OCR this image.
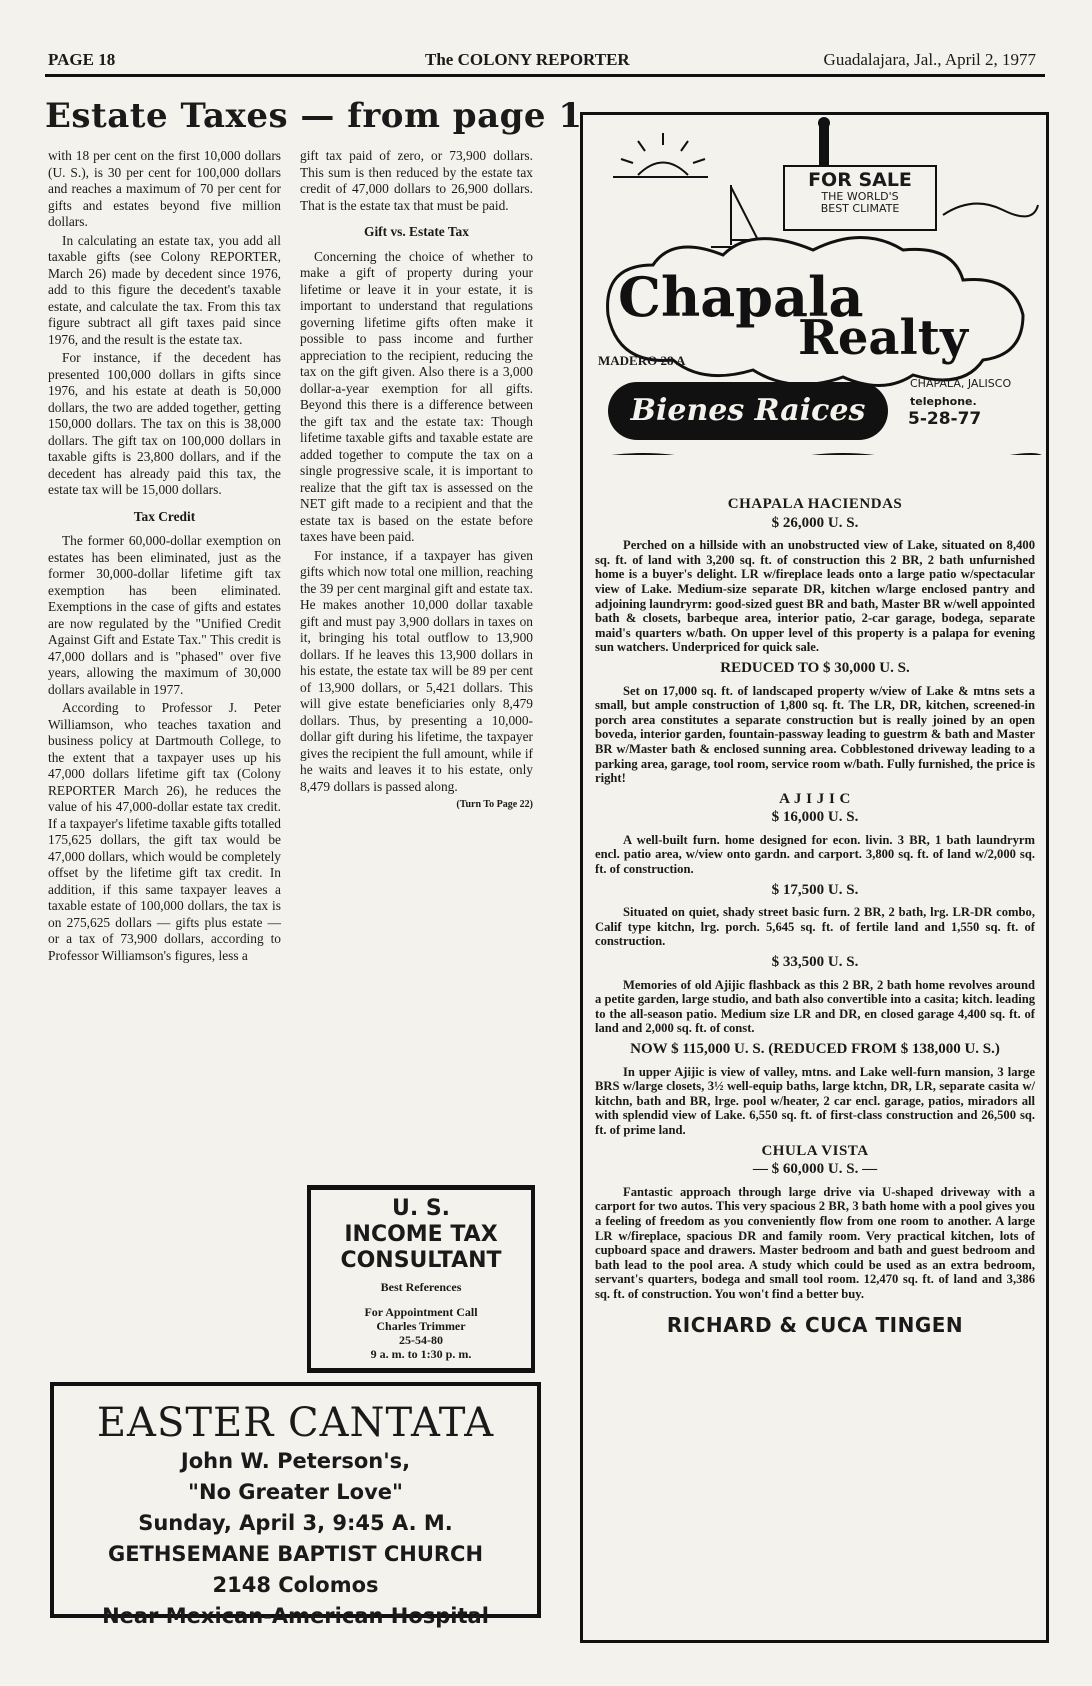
PAGE 18	The COLONY REPORTER	Guadalajara, Jal., April 2, 1977
Estate Taxes — from page 1

with 18 per cent on the first 10,000 dollars (U. S.), is 30 per cent for 100,000 dollars and reaches a maximum of 70 per cent for gifts and estates beyond five million dollars.

In calculating an estate tax, you add all taxable gifts (see Colony REPORTER, March 26) made by decedent since 1976, add to this figure the decedent's taxable estate, and calculate the tax. From this tax figure subtract all gift taxes paid since 1976, and the result is the estate tax.

For instance, if the decedent has presented 100,000 dollars in gifts since 1976, and his estate at death is 50,000 dollars, the two are added together, getting 150,000 dollars. The tax on this is 38,000 dollars. The gift tax on 100,000 dollars in taxable gifts is 23,800 dollars, and if the decedent has already paid this tax, the estate tax will be 15,000 dollars.

Tax Credit

The former 60,000-dollar exemption on estates has been eliminated, just as the former 30,000-dollar lifetime gift tax exemption has been eliminated. Exemptions in the case of gifts and estates are now regulated by the "Unified Credit Against Gift and Estate Tax." This credit is 47,000 dollars and is "phased" over five years, allowing the maximum of 30,000 dollars available in 1977.

According to Professor J. Peter Williamson, who teaches taxation and business policy at Dartmouth College, to the extent that a taxpayer uses up his 47,000 dollars lifetime gift tax (Colony REPORTER March 26), he reduces the value of his 47,000-dollar estate tax credit. If a taxpayer's lifetime taxable gifts totalled 175,625 dollars, the gift tax would be 47,000 dollars, which would be completely offset by the lifetime gift tax credit. In addition, if this same taxpayer leaves a taxable estate of 100,000 dollars, the tax is on 275,625 dollars — gifts plus estate — or a tax of 73,900 dollars, according to Professor Williamson's figures, less a

gift tax paid of zero, or 73,900 dollars. This sum is then reduced by the estate tax credit of 47,000 dollars to 26,900 dollars. That is the estate tax that must be paid.

Gift vs. Estate Tax

Concerning the choice of whether to make a gift of property during your lifetime or leave it in your estate, it is important to understand that regulations governing lifetime gifts often make it possible to pass income and further appreciation to the recipient, reducing the tax on the gift given. Also there is a 3,000 dollar-a-year exemption for all gifts. Beyond this there is a difference between the gift tax and the estate tax: Though lifetime taxable gifts and taxable estate are added together to compute the tax on a single progressive scale, it is important to realize that the gift tax is assessed on the NET gift made to a recipient and that the estate tax is based on the estate before taxes have been paid.

For instance, if a taxpayer has given gifts which now total one million, reaching the 39 per cent marginal gift and estate tax. He makes another 10,000 dollar taxable gift and must pay 3,900 dollars in taxes on it, bringing his total outflow to 13,900 dollars. If he leaves this 13,900 dollars in his estate, the estate tax will be 89 per cent of 13,900 dollars, or 5,421 dollars. This will give estate beneficiaries only 8,479 dollars. Thus, by presenting a 10,000-dollar gift during his lifetime, the taxpayer gives the recipient the full amount, while if he waits and leaves it to his estate, only 8,479 dollars is passed along.

(Turn To Page 22)
U. S.
INCOME TAX
CONSULTANT
Best References
For Appointment Call
Charles Trimmer
25-54-80
9 a. m. to 1:30 p. m.
EASTER CANTATA
John W. Peterson's,
"No Greater Love"
Sunday, April 3, 9:45 A. M.
GETHSEMANE BAPTIST CHURCH
2148 Colomos
Near Mexican-American Hospital
FOR SALE
THE WORLD'S
BEST CLIMATE
Chapala
Realty
MADERO 28 A
CHAPALA, JALISCO
Bienes Raices	telephone.
5-28-77
CHAPALA HACIENDAS
$ 26,000 U. S.

Perched on a hillside with an unobstructed view of Lake, situated on 8,400 sq. ft. of land with 3,200 sq. ft. of construction this 2 BR, 2 bath unfurnished home is a buyer's delight. LR w/fireplace leads onto a large patio w/spectacular view of Lake. Medium-size separate DR, kitchen w/large enclosed pantry and adjoining laundryrm: good-sized guest BR and bath, Master BR w/well appointed bath & closets, barbeque area, interior patio, 2-car garage, bodega, separate maid's quarters w/bath. On upper level of this property is a palapa for evening sun watchers. Underpriced for quick sale.

REDUCED TO $ 30,000 U. S.

Set on 17,000 sq. ft. of landscaped property w/view of Lake & mtns sets a small, but ample construction of 1,800 sq. ft. The LR, DR, kitchen, screened-in porch area constitutes a separate construction but is really joined by an open boveda, interior garden, fountain-passway leading to guestrm & bath and Master BR w/Master bath & enclosed sunning area. Cobblestoned driveway leading to a parking area, garage, tool room, service room w/bath. Fully furnished, the price is right!

A J I J I C
$ 16,000 U. S.

A well-built furn. home designed for econ. livin. 3 BR, 1 bath laundryrm encl. patio area, w/view onto gardn. and carport. 3,800 sq. ft. of land w/2,000 sq. ft. of construction.

$ 17,500 U. S.

Situated on quiet, shady street basic furn. 2 BR, 2 bath, lrg. LR-DR combo, Calif type kitchn, lrg. porch. 5,645 sq. ft. of fertile land and 1,550 sq. ft. of construction.

$ 33,500 U. S.

Memories of old Ajijic flashback as this 2 BR, 2 bath home revolves around a petite garden, large studio, and bath also convertible into a casita; kitch. leading to the all-season patio. Medium size LR and DR, en closed garage 4,400 sq. ft. of land and 2,000 sq. ft. of const.

NOW $ 115,000 U. S. (REDUCED FROM $ 138,000 U. S.)

In upper Ajijic is view of valley, mtns. and Lake well-furn mansion, 3 large BRS w/large closets, 3½ well-equip baths, large ktchn, DR, LR, separate casita w/ kitchn, bath and BR, lrge. pool w/heater, 2 car encl. garage, patios, miradors all with splendid view of Lake. 6,550 sq. ft. of first-class construction and 26,500 sq. ft. of prime land.

CHULA VISTA
— $ 60,000 U. S. —

Fantastic approach through large drive via U-shaped driveway with a carport for two autos. This very spacious 2 BR, 3 bath home with a pool gives you a feeling of freedom as you conveniently flow from one room to another. A large LR w/fireplace, spacious DR and family room. Very practical kitchen, lots of cupboard space and drawers. Master bedroom and bath and guest bedroom and bath lead to the pool area. A study which could be used as an extra bedroom, servant's quarters, bodega and small tool room. 12,470 sq. ft. of land and 3,386 sq. ft. of construction. You won't find a better buy.

RICHARD & CUCA TINGEN
